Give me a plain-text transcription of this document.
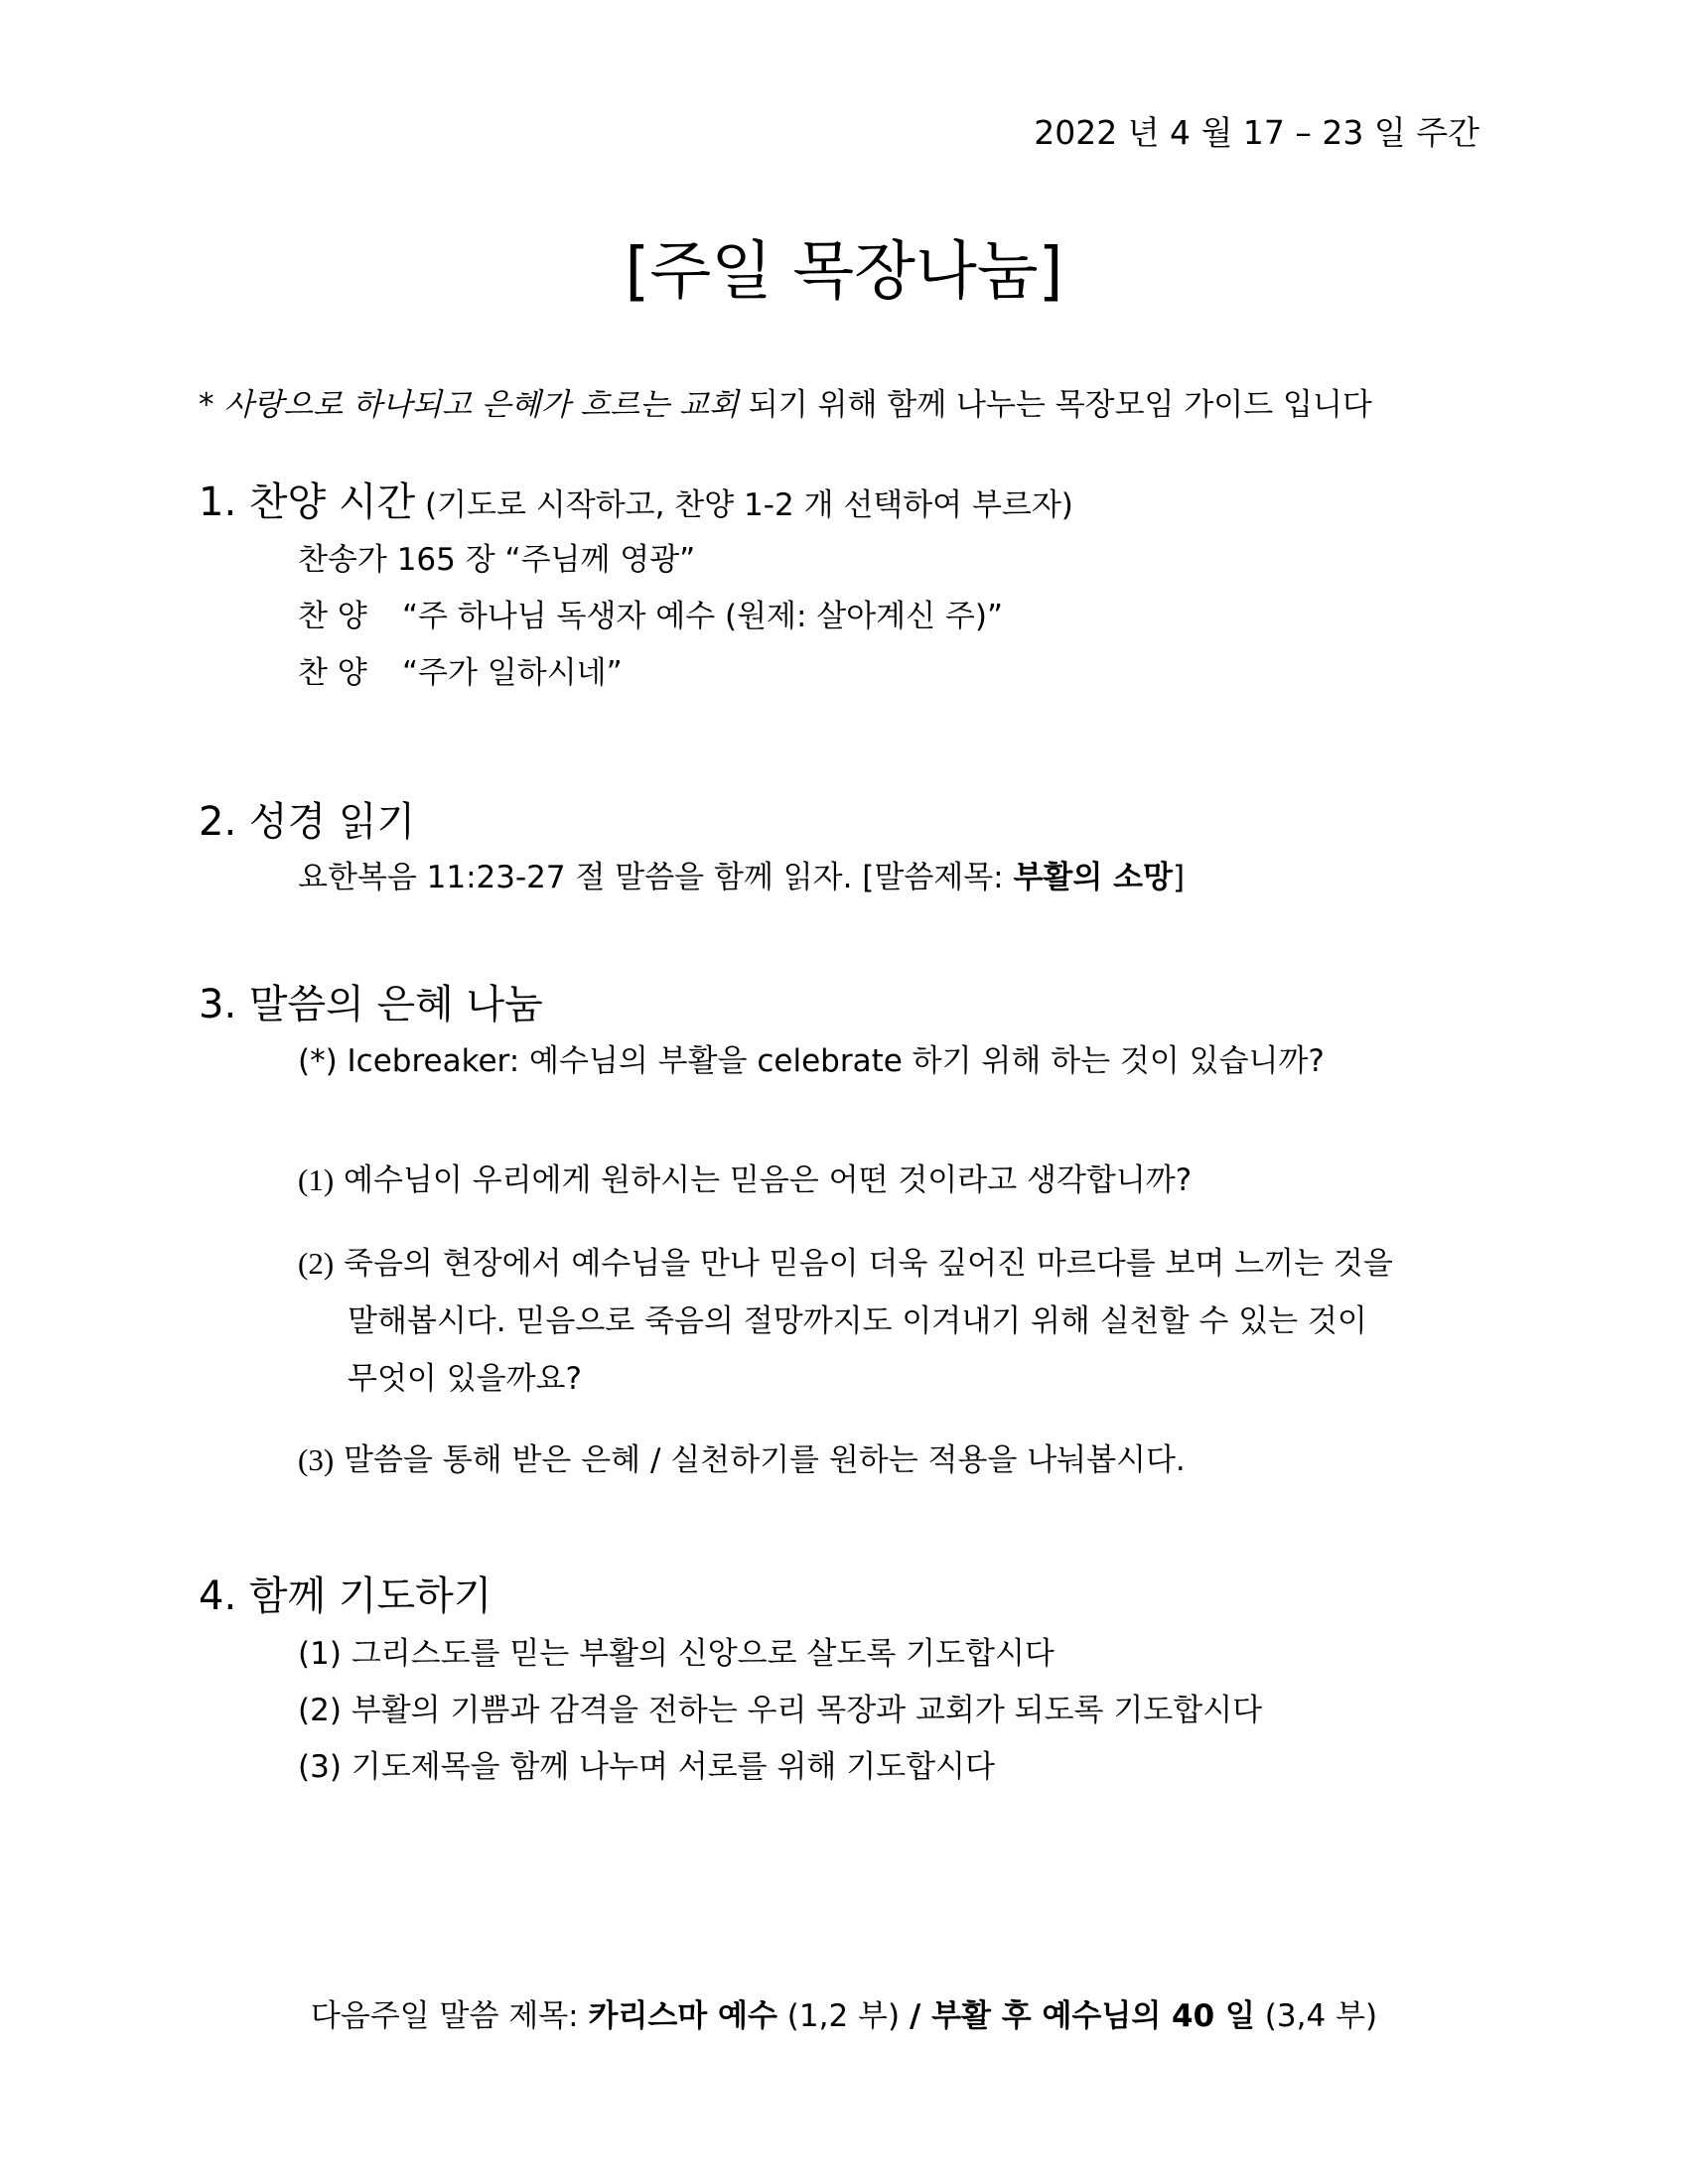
2022 년 4 월 17 – 23 일 주간
[주일 목장나눔]
* 사랑으로 하나되고 은혜가 흐르는 교회 되기 위해 함께 나누는 목장모임 가이드 입니다
1. 찬양 시간 (기도로 시작하고, 찬양 1-2 개 선택하여 부르자)
찬송가 165 장 “주님께 영광”
찬 양 “주 하나님 독생자 예수 (원제: 살아계신 주)”
찬 양 “주가 일하시네”
2. 성경 읽기
요한복음 11:23-27 절 말씀을 함께 읽자. [말씀제목: 부활의 소망]
3. 말씀의 은혜 나눔
(*) Icebreaker: 예수님의 부활을 celebrate 하기 위해 하는 것이 있습니까?
(1) 예수님이 우리에게 원하시는 믿음은 어떤 것이라고 생각합니까?
(2) 죽음의 현장에서 예수님을 만나 믿음이 더욱 깊어진 마르다를 보며 느끼는 것을
말해봅시다. 믿음으로 죽음의 절망까지도 이겨내기 위해 실천할 수 있는 것이
무엇이 있을까요?
(3) 말씀을 통해 받은 은혜 / 실천하기를 원하는 적용을 나눠봅시다.
4. 함께 기도하기
(1) 그리스도를 믿는 부활의 신앙으로 살도록 기도합시다
(2) 부활의 기쁨과 감격을 전하는 우리 목장과 교회가 되도록 기도합시다
(3) 기도제목을 함께 나누며 서로를 위해 기도합시다
다음주일 말씀 제목: 카리스마 예수 (1,2 부) / 부활 후 예수님의 40 일 (3,4 부)
